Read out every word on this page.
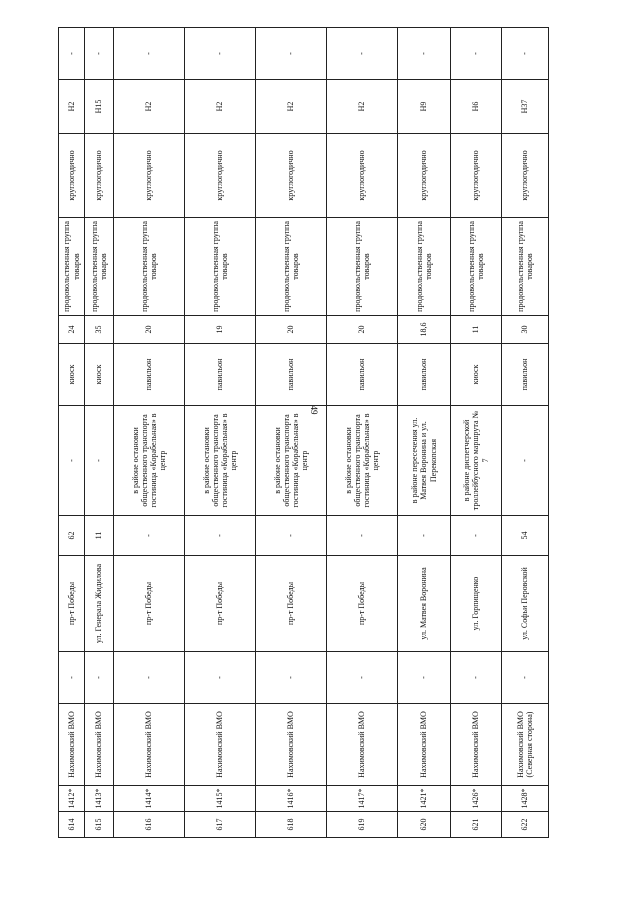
49
614	1412*	Нахимовский ВМО	-	пр-т Победы	62	-	киоск	24	продовольственная группа товаров	круглогодично	Н2	-
615	1413*	Нахимовский ВМО	-	ул. Генерала Жидилова	11	-	киоск	35	продовольственная группа товаров	круглогодично	Н15	-
616	1414*	Нахимовский ВМО	-	пр-т Победы	-	в районе остановки общественного транспорта гостиница «Корабельная» в центр	павильон	20	продовольственная группа товаров	круглогодично	Н2	-
617	1415*	Нахимовский ВМО	-	пр-т Победы	-	в районе остановки общественного транспорта гостиница «Корабельная» в центр	павильон	19	продовольственная группа товаров	круглогодично	Н2	-
618	1416*	Нахимовский ВМО	-	пр-т Победы	-	в районе остановки общественного транспорта гостиница «Корабельная» в центр	павильон	20	продовольственная группа товаров	круглогодично	Н2	-
619	1417*	Нахимовский ВМО	-	пр-т Победы	-	в районе остановки общественного транспорта гостиница «Корабельная» в центр	павильон	20	продовольственная группа товаров	круглогодично	Н2	-
620	1421*	Нахимовский ВМО	-	ул. Матвея Воронина	-	в районе пересечения ул. Матвея Воронина и ул. Перекопская	павильон	18,6	продовольственная группа товаров	круглогодично	Н9	-
621	1426*	Нахимовский ВМО	-	ул. Горпищенко	-	в районе диспетчерской троллейбусного маршрута № 7	киоск	11	продовольственная группа товаров	круглогодично	Н6	-
622	1428*	Нахимовский ВМО (Северная сторона)	-	ул. Софьи Перовской	54	-	павильон	30	продовольственная группа товаров	круглогодично	Н37	-
